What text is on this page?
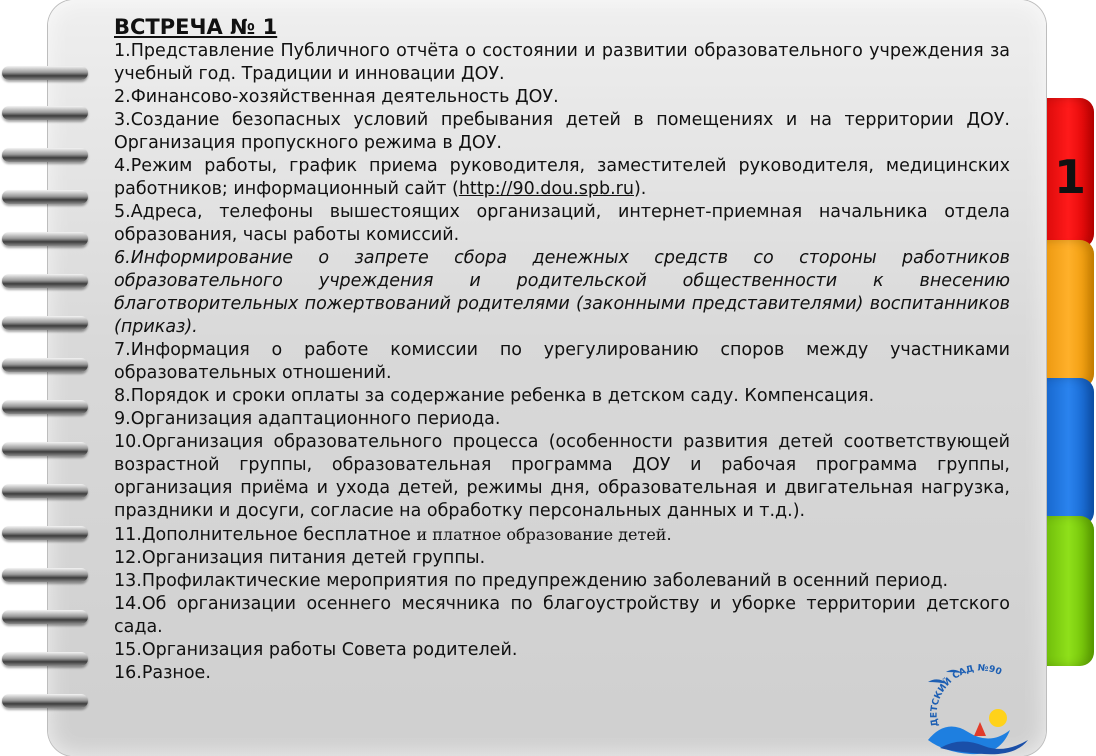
1
ВСТРЕЧА № 1

1.Представление Публичного отчёта о состоянии и развитии образовательного учреждения за учебный год. Традиции и инновации ДОУ.

2.Финансово-хозяйственная деятельность ДОУ.

3.Создание безопасных условий пребывания детей в помещениях и на территории ДОУ. Организация пропускного режима в ДОУ.

4.Режим работы, график приема руководителя, заместителей руководителя, медицинских работников; информационный сайт (http://90.dou.spb.ru).

5.Адреса, телефоны вышестоящих организаций, интернет-приемная начальника отдела образования, часы работы комиссий.

6.Информирование о запрете сбора денежных средств со стороны работников образовательного учреждения и родительской общественности к внесению благотворительных пожертвований родителями (законными представителями) воспитанников (приказ).

7.Информация о работе комиссии по урегулированию споров между участниками образовательных отношений.

8.Порядок и сроки оплаты за содержание ребенка в детском саду. Компенсация.

9.Организация адаптационного периода.

10.Организация образовательного процесса (особенности развития детей соответствующей возрастной группы, образовательная программа ДОУ и рабочая программа группы, организация приёма и ухода детей, режимы дня, образовательная и двигательная нагрузка, праздники и досуги, согласие на обработку персональных данных и т.д.).

11.Дополнительное бесплатное и платное образование детей.

12.Организация питания детей группы.

13.Профилактические мероприятия по предупреждению заболеваний в осенний период.

14.Об организации осеннего месячника по благоустройству и уборке территории детского сада.

15.Организация работы Совета родителей.

16.Разное.

ДЕТСКИЙ САД №90
